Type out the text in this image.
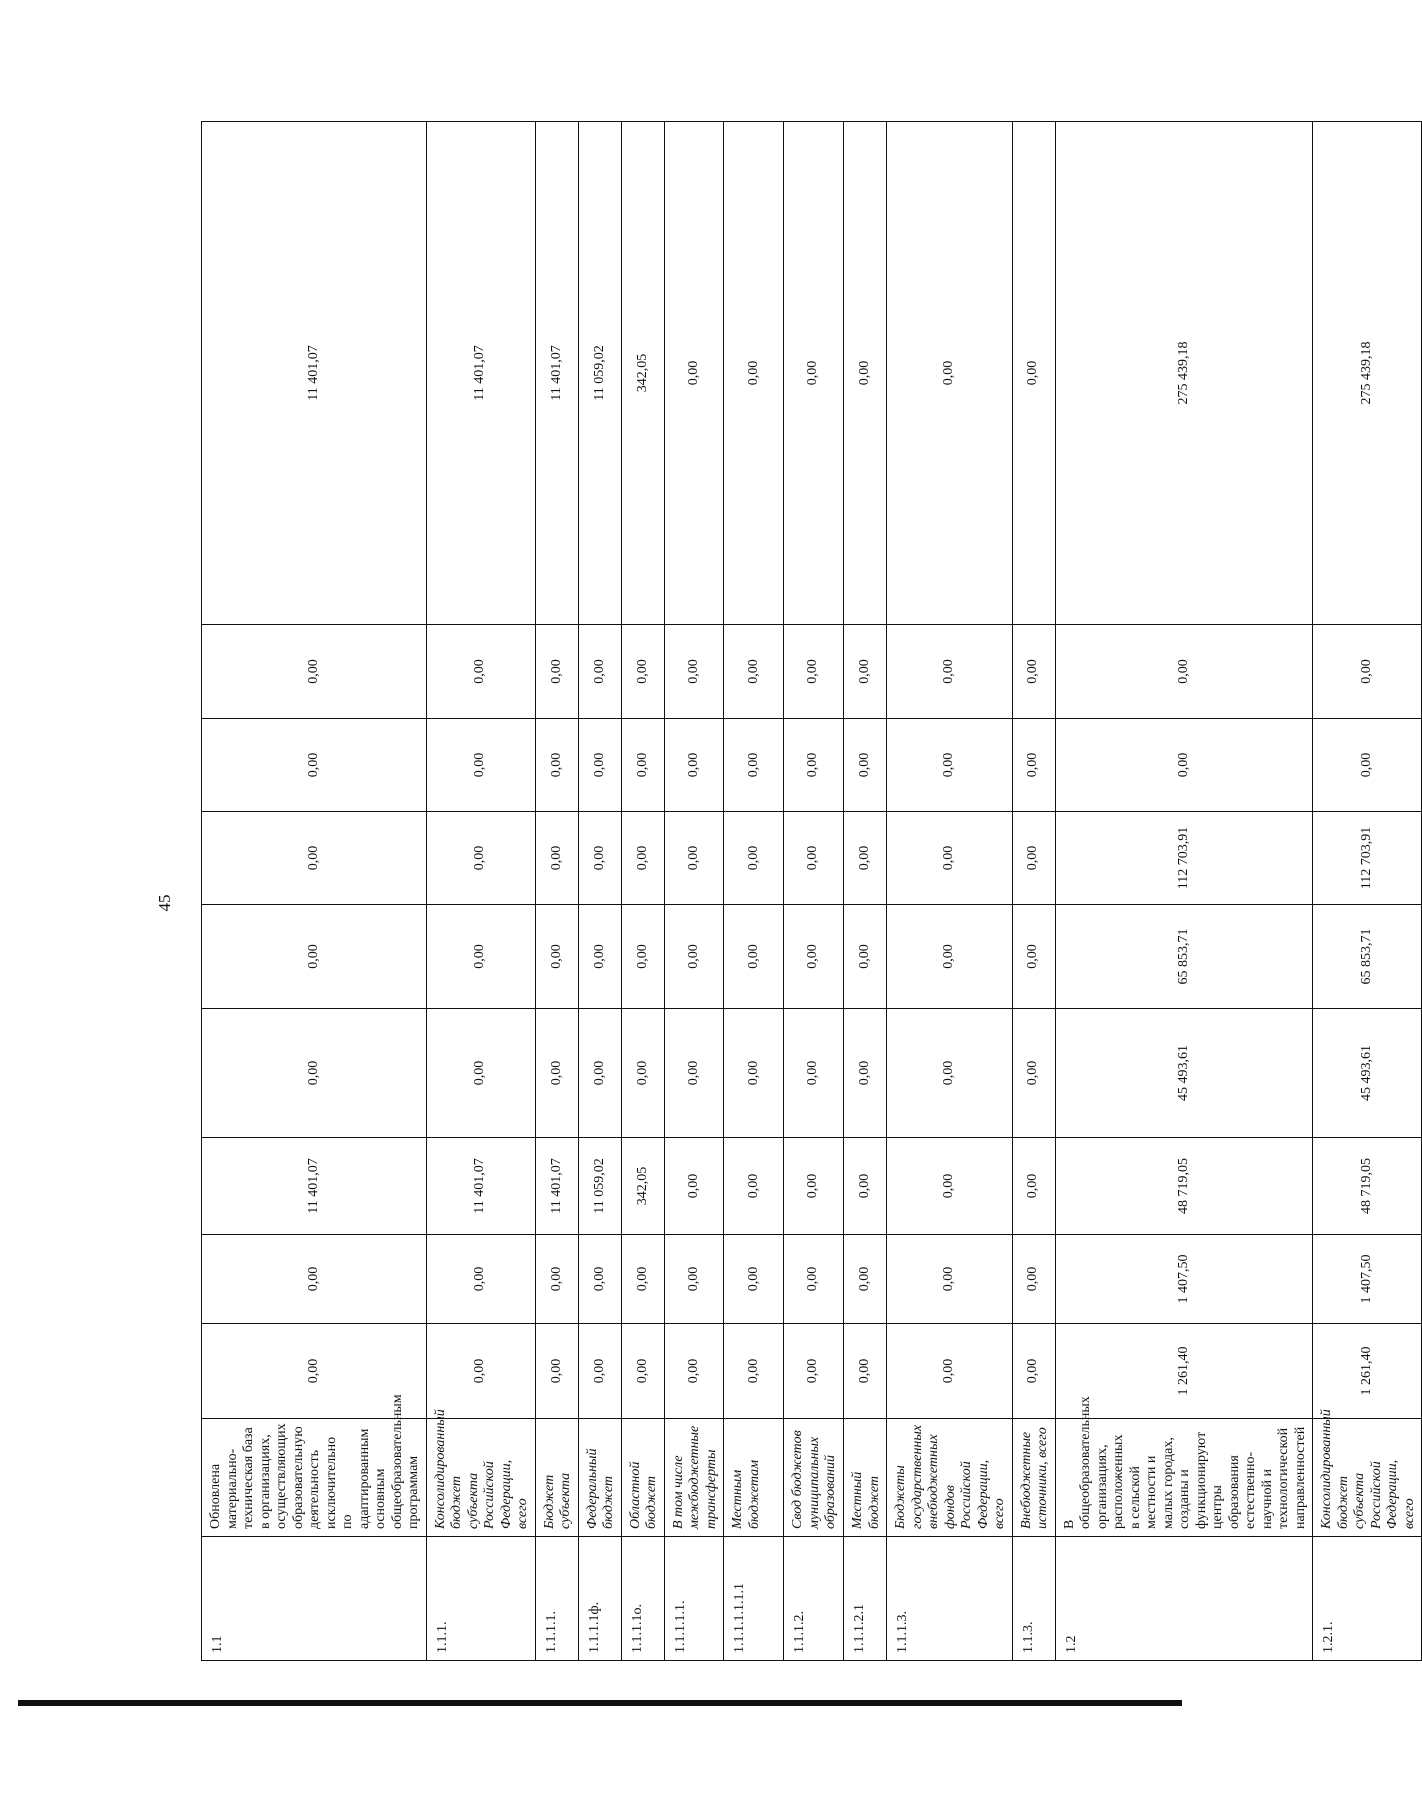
45
1.1	Обновлена материально-техническая база в организациях, осуществляющих образовательную деятельность исключительно по адаптированным основным общеобразовательным программам	0,00	0,00	11 401,07	0,00	0,00	0,00	0,00	0,00	11 401,07
1.1.1.	Консолидированный бюджет субъекта Российской Федерации, всего	0,00	0,00	11 401,07	0,00	0,00	0,00	0,00	0,00	11 401,07
1.1.1.1.	Бюджет субъекта	0,00	0,00	11 401,07	0,00	0,00	0,00	0,00	0,00	11 401,07
1.1.1.1ф.	Федеральный бюджет	0,00	0,00	11 059,02	0,00	0,00	0,00	0,00	0,00	11 059,02
1.1.1.1о.	Областной бюджет	0,00	0,00	342,05	0,00	0,00	0,00	0,00	0,00	342,05
1.1.1.1.1.	В том числе межбюджетные трансферты	0,00	0,00	0,00	0,00	0,00	0,00	0,00	0,00	0,00
1.1.1.1.1.1.1	Местным бюджетам	0,00	0,00	0,00	0,00	0,00	0,00	0,00	0,00	0,00
1.1.1.2.	Свод бюджетов муниципальных образований	0,00	0,00	0,00	0,00	0,00	0,00	0,00	0,00	0,00
1.1.1.2.1	Местный бюджет	0,00	0,00	0,00	0,00	0,00	0,00	0,00	0,00	0,00
1.1.1.3.	Бюджеты государственных внебюджетных фондов Российской Федерации, всего	0,00	0,00	0,00	0,00	0,00	0,00	0,00	0,00	0,00
1.1.3.	Внебюджетные источники, всего	0,00	0,00	0,00	0,00	0,00	0,00	0,00	0,00	0,00
1.2	В общеобразовательных организациях, расположенных в сельской местности и малых городах, созданы и функционируют центры образования естественно-научной и технологической направленностей	1 261,40	1 407,50	48 719,05	45 493,61	65 853,71	112 703,91	0,00	0,00	275 439,18
1.2.1.	Консолидированный бюджет субъекта Российской Федерации, всего	1 261,40	1 407,50	48 719,05	45 493,61	65 853,71	112 703,91	0,00	0,00	275 439,18
